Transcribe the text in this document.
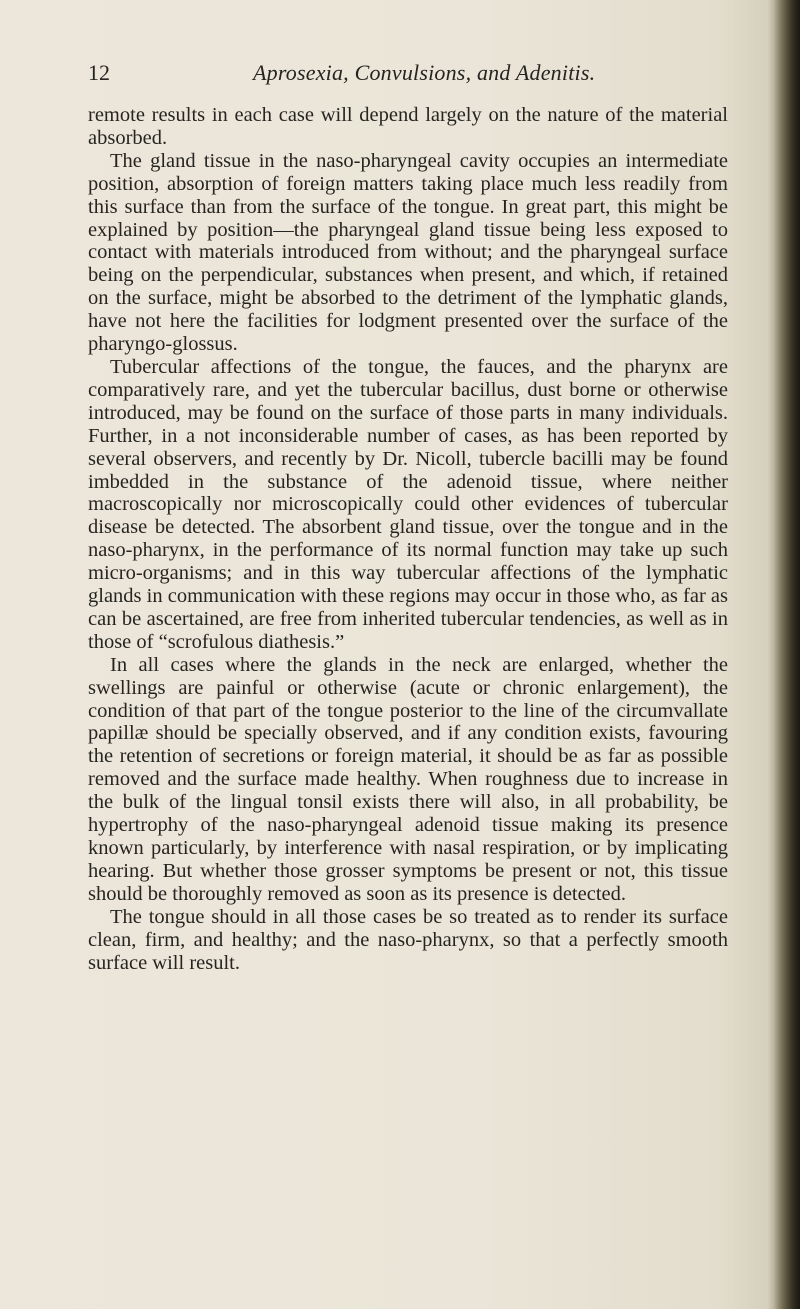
12	Aprosexia, Convulsions, and Adenitis.

remote results in each case will depend largely on the nature of the material absorbed.

The gland tissue in the naso-pharyngeal cavity occupies an intermediate position, absorption of foreign matters taking place much less readily from this surface than from the surface of the tongue. In great part, this might be explained by position—the pharyngeal gland tissue being less exposed to contact with materials introduced from without; and the pharyngeal surface being on the perpendicular, substances when present, and which, if retained on the surface, might be absorbed to the detriment of the lymphatic glands, have not here the facilities for lodgment presented over the surface of the pharyngo-glossus.

Tubercular affections of the tongue, the fauces, and the pharynx are comparatively rare, and yet the tubercular bacillus, dust borne or otherwise introduced, may be found on the surface of those parts in many individuals. Further, in a not inconsiderable number of cases, as has been reported by several observers, and recently by Dr. Nicoll, tubercle bacilli may be found imbedded in the substance of the adenoid tissue, where neither macroscopically nor microscopically could other evidences of tubercular disease be detected. The absorbent gland tissue, over the tongue and in the naso-pharynx, in the performance of its normal function may take up such micro-organisms; and in this way tubercular affections of the lymphatic glands in communication with these regions may occur in those who, as far as can be ascertained, are free from inherited tubercular tendencies, as well as in those of “scrofulous diathesis.”

In all cases where the glands in the neck are enlarged, whether the swellings are painful or otherwise (acute or chronic enlargement), the condition of that part of the tongue posterior to the line of the circumvallate papillæ should be specially observed, and if any condition exists, favouring the retention of secretions or foreign material, it should be as far as possible removed and the surface made healthy. When roughness due to increase in the bulk of the lingual tonsil exists there will also, in all probability, be hypertrophy of the naso-pharyngeal adenoid tissue making its presence known particularly, by interference with nasal respiration, or by implicating hearing. But whether those grosser symptoms be present or not, this tissue should be thoroughly removed as soon as its presence is detected.

The tongue should in all those cases be so treated as to render its surface clean, firm, and healthy; and the naso-pharynx, so that a perfectly smooth surface will result.
